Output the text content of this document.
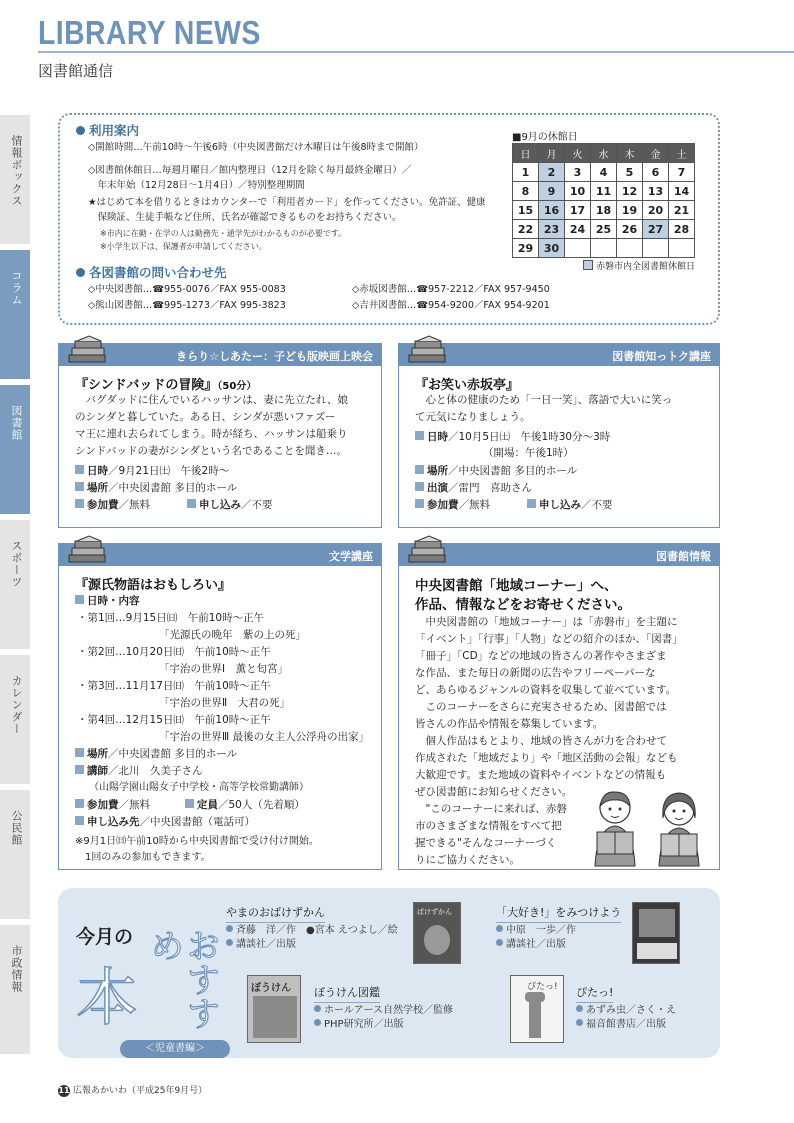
LIBRARY NEWS
図書館通信
情報ボックス
コラム
図書館
スポーツ
カレンダー
公民館
市政情報
利用案内
◇開館時間…午前10時〜午後6時（中央図書館だけ木曜日は午後8時まで開館）
◇図書館休館日…毎週月曜日／館内整理日（12月を除く毎月最終金曜日）／
　年末年始（12月28日〜1月4日）／特別整理期間
★はじめて本を借りるときはカウンターで「利用者カード」を作ってください。免許証、健康
　保険証、生徒手帳など住所、氏名が確認できるものをお持ちください。
※市内に在勤・在学の人は勤務先・通学先がわかるものが必要です。
※小学生以下は、保護者が申請してください。
各図書館の問い合わせ先
◇中央図書館…☎955-0076／FAX 955-0083	◇赤坂図書館…☎957-2212／FAX 957-9450
◇熊山図書館…☎995-1273／FAX 995-3823	◇吉井図書館…☎954-9200／FAX 954-9201
■9月の休館日
日	月	火	水	木	金	土
1	2	3	4	5	6	7
8	9	10	11	12	13	14
15	16	17	18	19	20	21
22	23	24	25	26	27	28
29	30					
赤磐市内全図書館休館日
きらり☆しあたー：子ども版映画上映会
『シンドバッドの冒険』（50分）
　バグダッドに住んでいるハッサンは、妻に先立たれ、娘
のシンダと暮していた。ある日、シンダが悪いファズー
マ王に連れ去られてしまう。時が経ち、ハッサンは船乗り
シンドバッドの妻がシンダという名であることを聞き…。
日時／9月21日㈯　午後2時〜
場所／中央図書館 多目的ホール
参加費／無料	申し込み／不要
図書館知っトク講座
『お笑い赤坂亭』
　心と体の健康のため「一日一笑」、落語で大いに笑っ
て元気になりましょう。
日時／10月5日㈯　午後1時30分〜3時
（開場：午後1時）
場所／中央図書館 多目的ホール
出演／雷門　喜助さん
参加費／無料	申し込み／不要
文学講座
『源氏物語はおもしろい』
日時・内容
・第1回…9月15日㈰　午前10時〜正午
「光源氏の晩年　紫の上の死」
・第2回…10月20日㈰　午前10時〜正午
「宇治の世界Ⅰ　薫と匂宮」
・第3回…11月17日㈰　午前10時〜正午
「宇治の世界Ⅱ　大君の死」
・第4回…12月15日㈰　午前10時〜正午
「宇治の世界Ⅲ 最後の女主人公浮舟の出家」
場所／中央図書館 多目的ホール
講師／北川　久美子さん
（山陽学園山陽女子中学校・高等学校常勤講師）
参加費／無料	定員／50人（先着順）
申し込み先／中央図書館（電話可）
※9月1日㈰午前10時から中央図書館で受け付け開始。
　1回のみの参加もできます。
図書館情報
中央図書館「地域コーナー」へ、
作品、情報などをお寄せください。
　中央図書館の「地域コーナー」は「赤磐市」を主題に
「イベント」「行事」「人物」などの紹介のほか、「図書」
「冊子」「CD」などの地域の皆さんの著作やさまざま
な作品、また毎日の新聞の広告やフリーペーパーな
ど、あらゆるジャンルの資料を収集して並べています。
　このコーナーをさらに充実させるため、図書館では
皆さんの作品や情報を募集しています。
　個人作品はもとより、地域の皆さんが力を合わせて
作成された「地域だより」や「地区活動の会報」なども
大歓迎です。また地域の資料やイベントなどの情報も
ぜひ図書館にお知らせください。
　"このコーナーに来れば、赤磐
市のさまざまな情報をすべて把
握できる"そんなコーナーづく
りにご協力ください。
今月の
本	おすすめ
＜児童書編＞
やまのおばけずかん
斉藤　洋／作　●宮本 えつよし／絵
講談社／出版
ばけずかん	「大好き!」をみつけよう
中原　一歩／作
講談社／出版
ぼうけん ぼうけん図鑑
ホールアース自然学校／監修
PHP研究所／出版
ぴたっ! ぴたっ!
あずみ虫／さく・え
福音館書店／出版
11 広報あかいわ（平成25年9月号）
